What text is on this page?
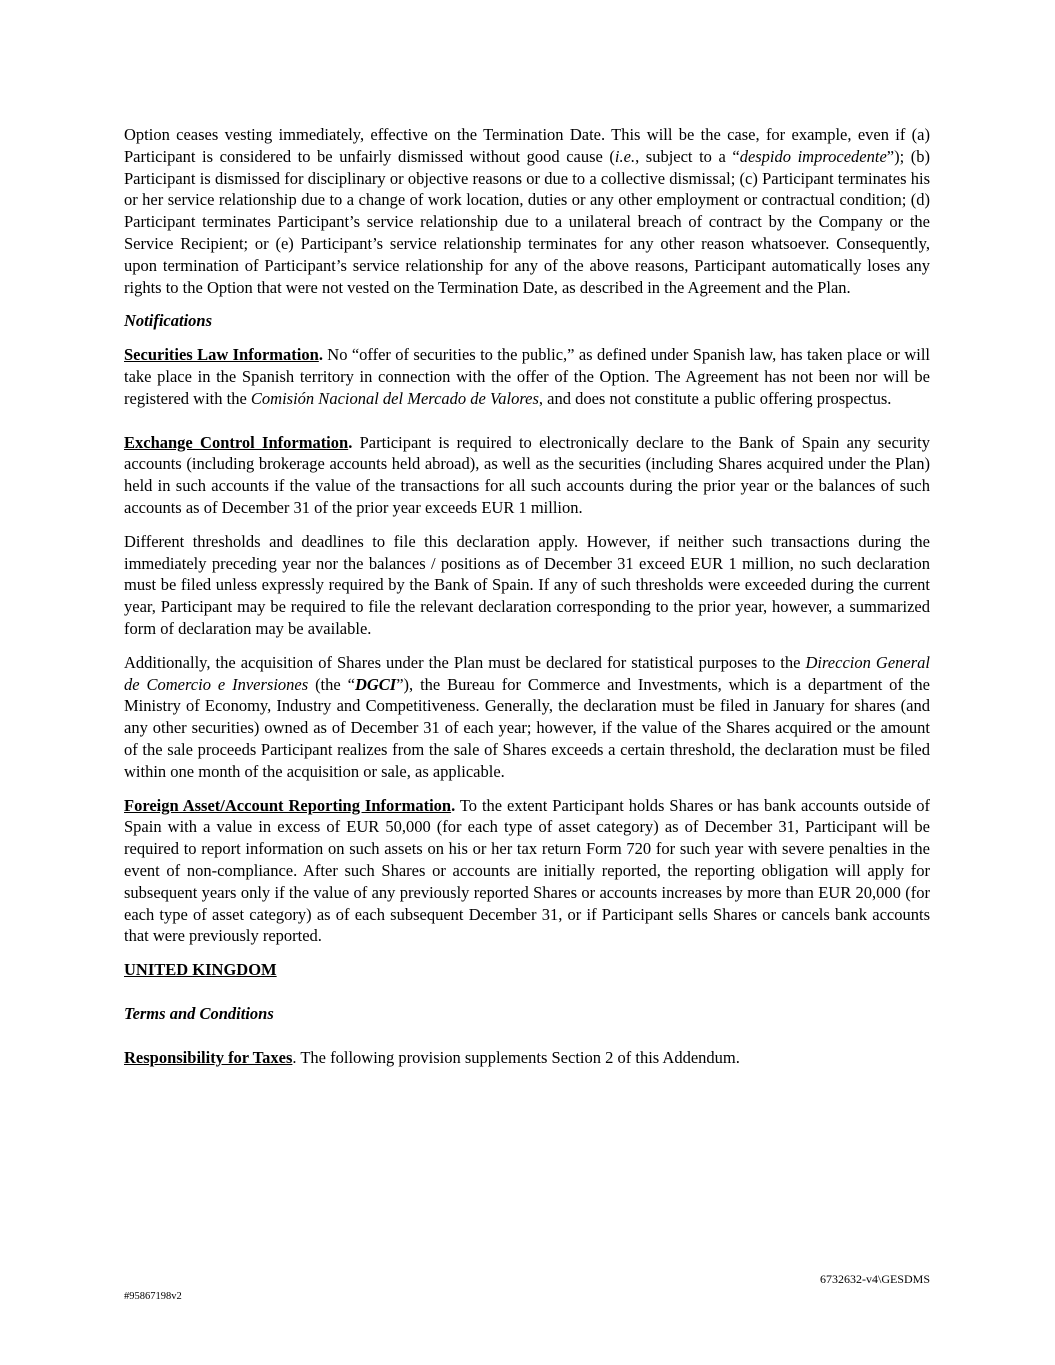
Option ceases vesting immediately, effective on the Termination Date. This will be the case, for example, even if (a) Participant is considered to be unfairly dismissed without good cause (i.e., subject to a “despido improcedente”); (b) Participant is dismissed for disciplinary or objective reasons or due to a collective dismissal; (c) Participant terminates his or her service relationship due to a change of work location, duties or any other employment or contractual condition; (d) Participant terminates Participant’s service relationship due to a unilateral breach of contract by the Company or the Service Recipient; or (e) Participant’s service relationship terminates for any other reason whatsoever. Consequently, upon termination of Participant’s service relationship for any of the above reasons, Participant automatically loses any rights to the Option that were not vested on the Termination Date, as described in the Agreement and the Plan.

Notifications

Securities Law Information. No “offer of securities to the public,” as defined under Spanish law, has taken place or will take place in the Spanish territory in connection with the offer of the Option. The Agreement has not been nor will be registered with the Comisión Nacional del Mercado de Valores, and does not constitute a public offering prospectus.

Exchange Control Information. Participant is required to electronically declare to the Bank of Spain any security accounts (including brokerage accounts held abroad), as well as the securities (including Shares acquired under the Plan) held in such accounts if the value of the transactions for all such accounts during the prior year or the balances of such accounts as of December 31 of the prior year exceeds EUR 1 million.

Different thresholds and deadlines to file this declaration apply. However, if neither such transactions during the immediately preceding year nor the balances / positions as of December 31 exceed EUR 1 million, no such declaration must be filed unless expressly required by the Bank of Spain. If any of such thresholds were exceeded during the current year, Participant may be required to file the relevant declaration corresponding to the prior year, however, a summarized form of declaration may be available.

Additionally, the acquisition of Shares under the Plan must be declared for statistical purposes to the Direccion General de Comercio e Inversiones (the “DGCI”), the Bureau for Commerce and Investments, which is a department of the Ministry of Economy, Industry and Competitiveness. Generally, the declaration must be filed in January for shares (and any other securities) owned as of December 31 of each year; however, if the value of the Shares acquired or the amount of the sale proceeds Participant realizes from the sale of Shares exceeds a certain threshold, the declaration must be filed within one month of the acquisition or sale, as applicable.

Foreign Asset/Account Reporting Information. To the extent Participant holds Shares or has bank accounts outside of Spain with a value in excess of EUR 50,000 (for each type of asset category) as of December 31, Participant will be required to report information on such assets on his or her tax return Form 720 for such year with severe penalties in the event of non-compliance. After such Shares or accounts are initially reported, the reporting obligation will apply for subsequent years only if the value of any previously reported Shares or accounts increases by more than EUR 20,000 (for each type of asset category) as of each subsequent December 31, or if Participant sells Shares or cancels bank accounts that were previously reported.

UNITED KINGDOM

Terms and Conditions

Responsibility for Taxes. The following provision supplements Section 2 of this Addendum.

6732632-v4\GESDMS
#95867198v2
